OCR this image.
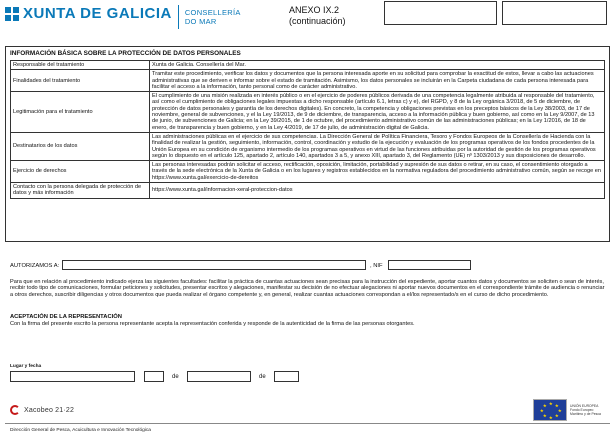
XUNTA DE GALICIA CONSELLERÍA
DO MAR
ANEXO IX.2
(continuación)
INFORMACIÓN BÁSICA SOBRE LA PROTECCIÓN DE DATOS PERSONALES
Responsable del tratamiento	Xunta de Galicia. Consellería del Mar.
Finalidades del tratamiento	Tramitar este procedimiento, verificar los datos y documentos que la persona interesada aporte en su solicitud para comprobar la exactitud de estos, llevar a cabo las actuaciones administrativas que se deriven e informar sobre el estado de tramitación. Asimismo, los datos personales se incluirán en la Carpeta ciudadana de cada persona interesada para facilitar el acceso a la información, tanto personal como de carácter administrativo.
Legitimación para el tratamiento	El cumplimiento de una misión realizada en interés público o en el ejercicio de poderes públicos derivada de una competencia legalmente atribuida al responsable del tratamiento, así como el cumplimiento de obligaciones legales impuestas a dicho responsable (artículo 6.1, letras c) y e), del RGPD, y 8 de la Ley orgánica 3/2018, de 5 de diciembre, de protección de datos personales y garantía de los derechos digitales). En concreto, la competencia y obligaciones previstas en los preceptos básicos de la Ley 38/2003, de 17 de noviembre, general de subvenciones, y el la Ley 19/2013, de 9 de diciembre, de transparencia, acceso a la información pública y buen gobierno, así como en la Ley 9/2007, de 13 de junio, de subvenciones de Galicia; en la Ley 39/2015, de 1 de octubre, del procedimiento administrativo común de las administraciones públicas; en la Ley 1/2016, de 18 de enero, de transparencia y buen gobierno, y en la Ley 4/2019, de 17 de julio, de administración digital de Galicia.
Destinatarios de los datos	Las administraciones públicas en el ejercicio de sus competencias. La Dirección General de Política Financiera, Tesoro y Fondos Europeos de la Consellería de Hacienda con la finalidad de realizar la gestión, seguimiento, información, control, coordinación y estudio de la ejecución y evaluación de los programas operativos de los fondos procedentes de la Unión Europea en su condición de organismo intermedio de los programas operativos en virtud de las funciones atribuidas por la autoridad de gestión de los programas operativos según lo dispuesto en el artículo 125, apartado 2, artículo 140, apartados 3 a 5, y anexo XIII, apartado 3, del Reglamento (UE) nº 1303/2013 y sus disposiciones de desarrollo.
Ejercicio de derechos	Las personas interesadas podrán solicitar el acceso, rectificación, oposición, limitación, portabilidad y supresión de sus datos o retirar, en su caso, el consentimiento otorgado a través de la sede electrónica de la Xunta de Galicia o en los lugares y registros establecidos en la normativa reguladora del procedimiento administrativo común, según se recoge en https://www.xunta.gal/exercicio-de-dereitos
Contacto con la persona delegada de protección de datos y más información	https://www.xunta.gal/informacion-xeral-proteccion-datos
AUTORIZAMOS A:	, NIF
Para que en relación al procedimiento indicado ejerza las siguientes facultades: facilitar la práctica de cuantas actuaciones sean precisas para la instrucción del expediente, aportar cuantos datos y documentos se soliciten o sean de interés, recibir todo tipo de comunicaciones, formular peticiones y solicitudes, presentar escritos y alegaciones, manifestar su decisión de no efectuar alegaciones ni aportar nuevos documentos en el correspondiente trámite de audiencia o renunciar a otros derechos, suscribir diligencias y otros documentos que pueda realizar el órgano competente y, en general, realizar cuantas actuaciones correspondan a el/los representado/s en el curso de dicho procedimiento.
ACEPTACIÓN DE LA REPRESENTACIÓN
Con la firma del presente escrito la persona representante acepta la representación conferida y responde de la autenticidad de la firma de las personas otorgantes.
Lugar y fecha
de	de
Xacobeo 21·22
★ ★
★
★
★
★
★
★	UNIÓN EUROPEA
Fondo Europeo
Marítimo y de Pesca
Dirección General de Pesca, Acuicultura e Innovación Tecnológica
